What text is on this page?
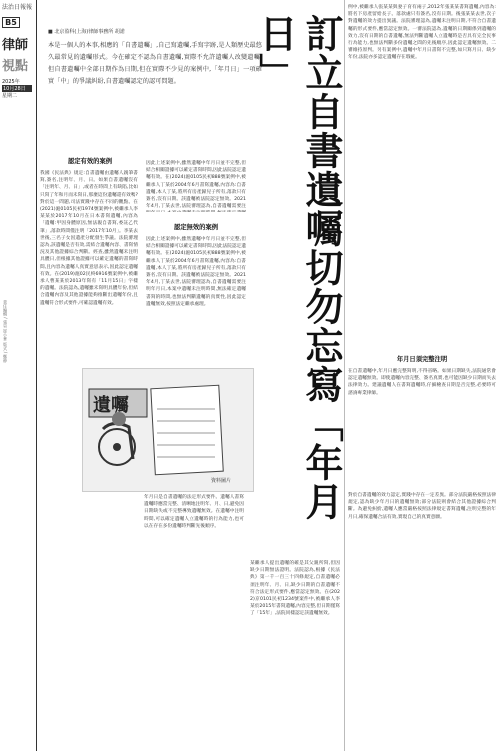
法治日報報
B5
律師
視點
2025年
10月28日
星期二
責任編輯 / 張昊 崔小華 版式 / 鄭靜
■ 北京盈科(上海)律師事務所 胡諾
本是一個人的本事,相應的「自書遺囑」,自己寫遺囑,手寫字跡,是人類歷史最悠久最常見的遺囑形式。今在確定不認為自書遺囑,實際不允許遺囑人改變遺囑,但自書遺囑中全部日期作為日期,但在實際不少見的案例中,「年月日」一項確實「中」的爭議糾紛,自書遺囑認定的認可問題。	訂立自書遺囑切勿忘寫「年月日」
認定有效的案例
我國《民法典》規定:自書遺囑由遺囑人親筆書寫,簽名,注明年、月、日。如果自書遺囑沒有「注明年、月、日」,或者在時間上有缺陷,比如只寫了年和月而未寫日,那麼這份遺囑還有效嗎?對於這一問題,司法實踐中存在不同的觀點。在(2021)滬0105民初1974號案例中,被繼承人李某某於2017年10月在日本書寫遺囑,內容為「遺囑:甲因身體原因,無法親自書寫,委託乙代筆」,落款時間僅注明「2017年10月」。李某去世後,三名子女因遺產分配發生爭議。法院審理認為,該遺囑是否有效,需結合遺囑內容、書寫情況及其他證據綜合判斷。經查,雖然遺囑未注明具體日,但根據其他證據可以確定遺囑的書寫時間,且內容為遺囑人真實意思表示,因此認定遺囑有效。在(2019)滬02民終6916號案例中,被繼承人曹某某於2013年寫有「11月15日」字樣的遺囑。法院認為,遺囑雖未寫明具體年份,但結合遺囑內容及其他證據能夠推斷出遺囑年份,且遺囑符合形式要件,可確認遺囑有效。
因此上述案例中,雖然遺囑中年月日並不完整,但結合相關證據可以確定書寫時間,因此法院認定遺囑有效。在(2024)滬0105民初888號案例中,被繼承人丁某於2004年6月書寫遺囑,內容為:自書遺囑,本人丁某,將所有房產歸兒子所有,落款只有簽名,沒有日期。該遺囑被法院認定無效。2021年4月,丁某去世,法院審理認為,自書遺囑需要注
認定無效的案例
因此上述案例中,雖然遺囑中年月日並不完整,但結合相關證據可以確定書寫時間,因此法院認定遺囑有效。在(2024)滬0105民初888號案例中,被繼承人丁某於2004年6月書寫遺囑,內容為:自書遺囑,本人丁某,將所有房產歸兒子所有,落款只有簽名,沒有日期。該遺囑被法院認定無效。2021年4月,丁某去世,法院審理認為,自書遺囑需要注明年月日,本案中遺囑未注明時間,無法確定遺囑書寫的時間,也無法判斷遺囑的真實性,因此認定遺囑無效,按照法定繼承處理。
遺囑
資料圖片
年月日是自書遺囑的法定形式要件。遺囑人書寫遺囑時應當完整、清晰地注明年、月、日,避免因日期缺失或不完整導致遺囑無效。在遺囑中注明時間,可以確定遺囑人立遺囑時的行為能力,也可以在存在多份遺囑時判斷先後順序。
某繼承人提出遺囑的確是其父親所寫,但因缺少日期無法證明。法院認為,根據《民法典》第一千一百三十四條規定,自書遺囑必須注明年、月、日,缺少日期的自書遺囑不符合法定形式要件,應當認定無效。在(2022)京0101民初1234號案件中,被繼承人李某於2015年書寫遺囑,內容完整,但日期僅寫了「15年」,法院同樣認定該遺囑無效。
例中,被繼承人張某某與妻子育有兩子,2012年張某某書寫遺囑,內容為:將名下房產留給長子。落款處只有簽名,沒有日期。後張某某去世,次子對遺囑的效力提出異議。法院審理認為,遺囑未注明日期,不符合自書遺囑的形式要件,應當認定無效。一審法院認為,遺囑的日期關係到遺囑的效力,沒有日期的自書遺囑,無法判斷遺囑人立遺囑時是否具有完全民事行為能力,也無法判斷多份遺囑之間的先後順序,因此認定遺囑無效。二審維持原判。另有案例中,遺囑中年月日書寫不完整,如只寫月日、缺少年份,法院亦多認定遺囑存在瑕疵。
年月日須完整注明
在自書遺囑中,年月日應完整寫明,不得省略。如果日期缺失,法院通常會認定遺囑無效。即使遺囑內容完整、簽名真實,也可能因缺少日期而失去法律效力。建議遺囑人在書寫遺囑時,仔細檢查日期是否完整,必要時可諮詢專業律師。
對於自書遺囑的效力認定,實踐中存在一定差異。部分法院嚴格按照法律規定,認為缺少年月日的遺囑無效;部分法院則會結合其他證據綜合判斷。為避免糾紛,遺囑人應當嚴格按照法律規定書寫遺囑,注明完整的年月日,確保遺囑合法有效,實現自己的真實意願。
